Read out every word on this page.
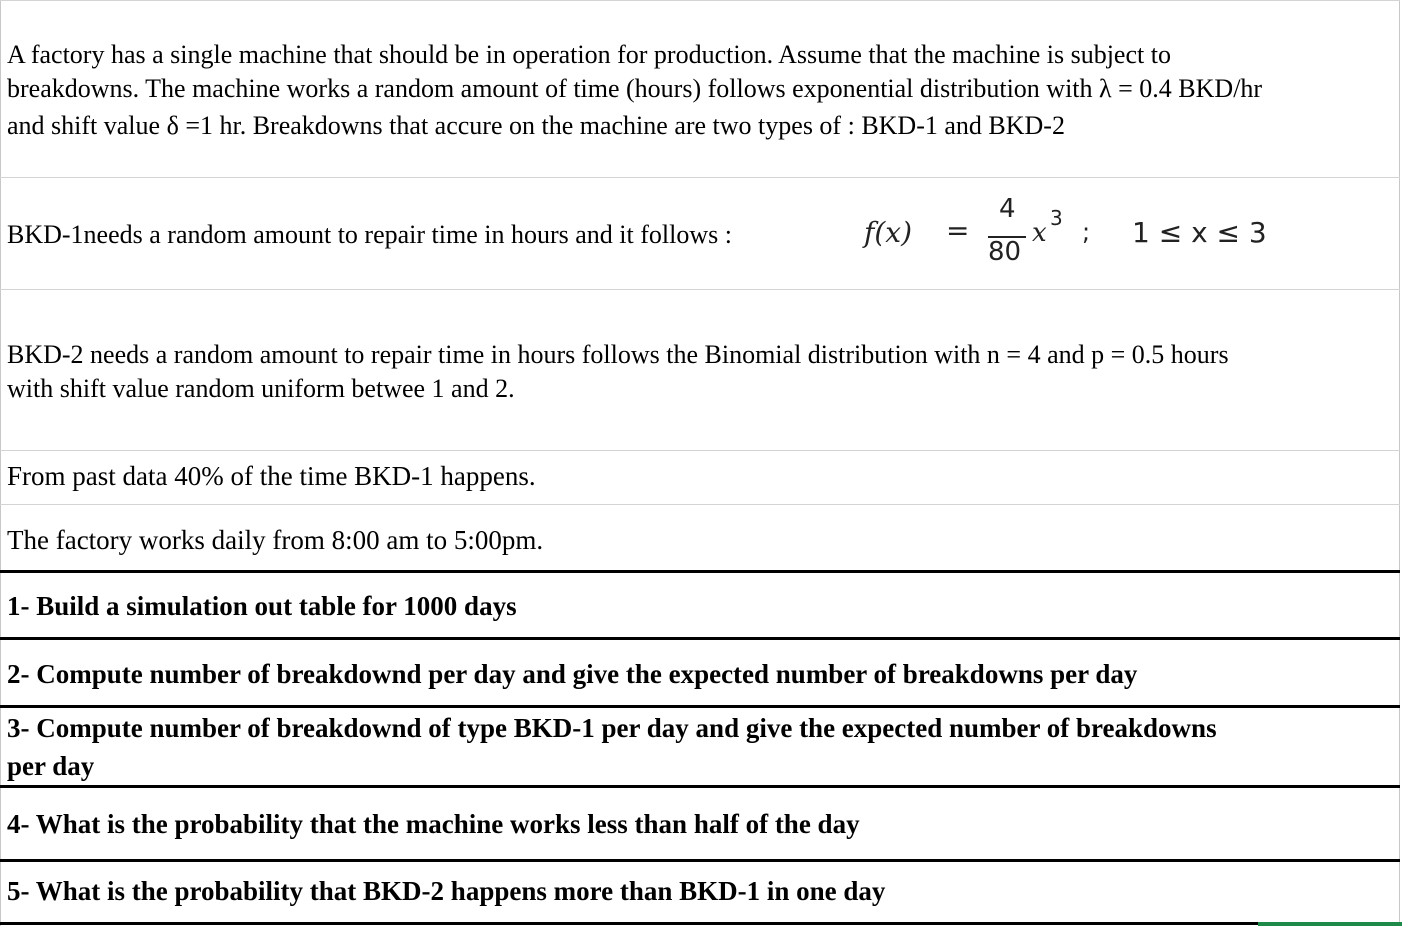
A factory has a single machine that should be in operation for production. Assume that the machine is subject to
breakdowns. The machine works a random amount of time (hours) follows exponential distribution with λ = 0.4 BKD/hr
and shift value δ =1 hr. Breakdowns that accure on the machine are two types of : BKD-1 and BKD-2
BKD-1needs a random amount to repair time in hours and it follows :	f(x) =
4
80
x 3 ; 1 ≤ x ≤ 3
BKD-2 needs a random amount to repair time in hours follows the Binomial distribution with n = 4 and p = 0.5 hours
with shift value random uniform betwee 1 and 2.
From past data 40% of the time BKD-1 happens.
The factory works daily from 8:00 am to 5:00pm.
1- Build a simulation out table for 1000 days
2- Compute number of breakdownd per day and give the expected number of breakdowns per day
3- Compute number of breakdownd of type BKD-1 per day and give the expected number of breakdowns
per day
4- What is the probability that the machine works less than half of the day
5- What is the probability that BKD-2 happens more than BKD-1 in one day
